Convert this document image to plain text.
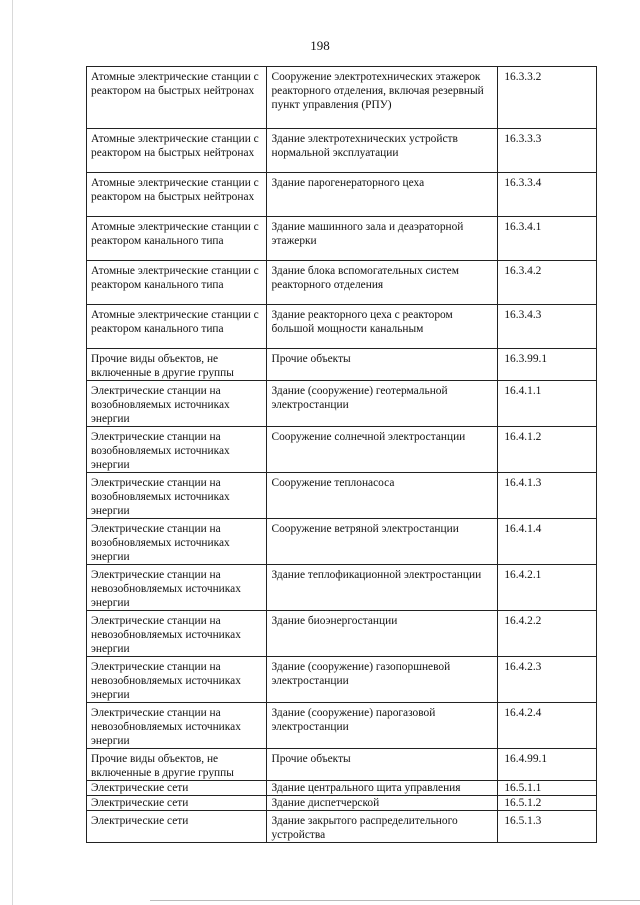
198
Атомные электрические станции с реактором на быстрых нейтронах	Сооружение электротехнических этажерок реакторного отделения, включая резервный пункт управления (РПУ)	16.3.3.2
Атомные электрические станции с реактором на быстрых нейтронах	Здание электротехнических устройств нормальной эксплуатации	16.3.3.3
Атомные электрические станции с реактором на быстрых нейтронах	Здание парогенераторного цеха	16.3.3.4
Атомные электрические станции с реактором канального типа	Здание машинного зала и деаэраторной этажерки	16.3.4.1
Атомные электрические станции с реактором канального типа	Здание блока вспомогательных систем реакторного отделения	16.3.4.2
Атомные электрические станции с реактором канального типа	Здание реакторного цеха с реактором большой мощности канальным	16.3.4.3
Прочие виды объектов, не включенные в другие группы	Прочие объекты	16.3.99.1
Электрические станции на возобновляемых источниках энергии	Здание (сооружение) геотермальной электростанции	16.4.1.1
Электрические станции на возобновляемых источниках энергии	Сооружение солнечной электростанции	16.4.1.2
Электрические станции на возобновляемых источниках энергии	Сооружение теплонасоса	16.4.1.3
Электрические станции на возобновляемых источниках энергии	Сооружение ветряной электростанции	16.4.1.4
Электрические станции на невозобновляемых источниках энергии	Здание теплофикационной электростанции	16.4.2.1
Электрические станции на невозобновляемых источниках энергии	Здание биоэнергостанции	16.4.2.2
Электрические станции на невозобновляемых источниках энергии	Здание (сооружение) газопоршневой электростанции	16.4.2.3
Электрические станции на невозобновляемых источниках энергии	Здание (сооружение) парогазовой электростанции	16.4.2.4
Прочие виды объектов, не включенные в другие группы	Прочие объекты	16.4.99.1
Электрические сети	Здание центрального щита управления	16.5.1.1
Электрические сети	Здание диспетчерской	16.5.1.2
Электрические сети	Здание закрытого распределительного устройства	16.5.1.3
